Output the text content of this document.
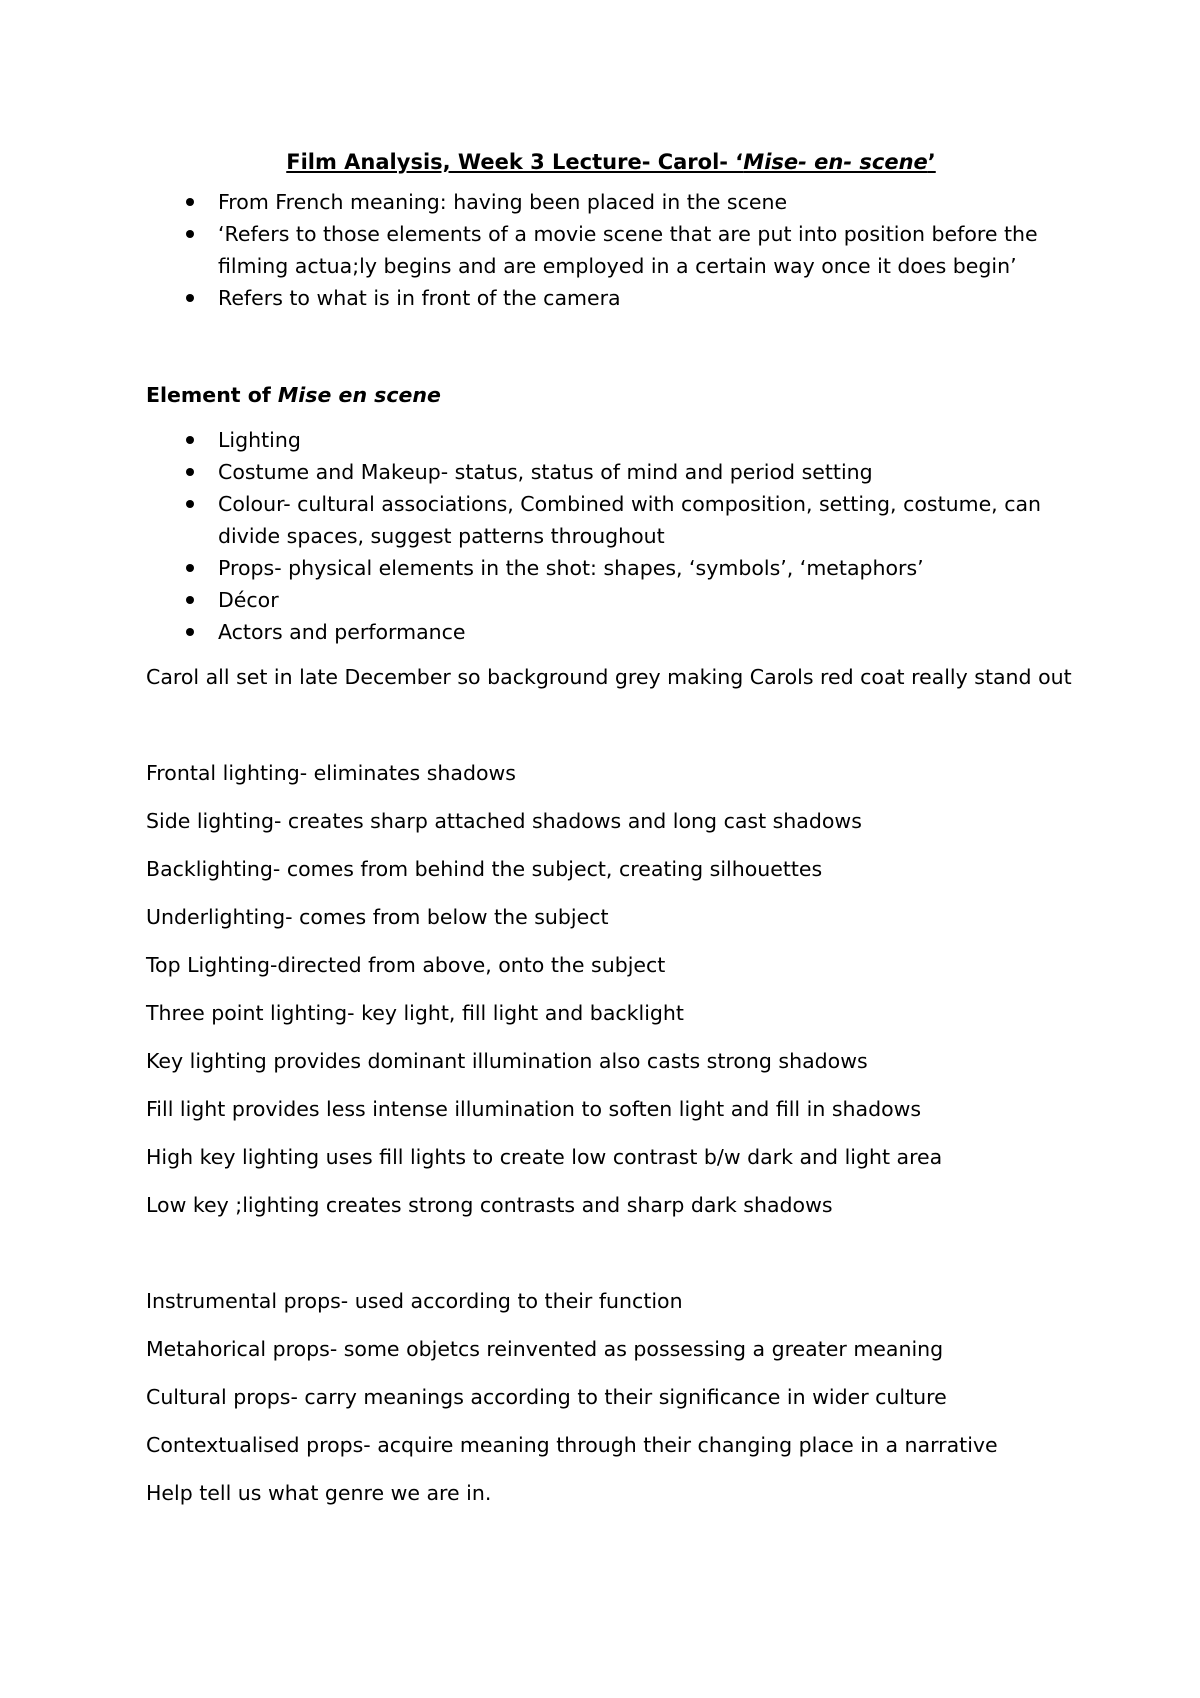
Film Analysis, Week 3 Lecture- Carol- ‘Mise- en- scene’
From French meaning: having been placed in the scene
‘Refers to those elements of a movie scene that are put into position before the filming actua;ly begins and are employed in a certain way once it does begin’
Refers to what is in front of the camera
Element of Mise en scene
Lighting
Costume and Makeup- status, status of mind and period setting
Colour- cultural associations, Combined with composition, setting, costume, can divide spaces, suggest patterns throughout
Props- physical elements in the shot: shapes, ‘symbols’, ‘metaphors’
Décor
Actors and performance

Carol all set in late December so background grey making Carols red coat really stand out

Frontal lighting- eliminates shadows

Side lighting- creates sharp attached shadows and long cast shadows

Backlighting- comes from behind the subject, creating silhouettes

Underlighting- comes from below the subject

Top Lighting-directed from above, onto the subject

Three point lighting- key light, fill light and backlight

Key lighting provides dominant illumination also casts strong shadows

Fill light provides less intense illumination to soften light and fill in shadows

High key lighting uses fill lights to create low contrast b/w dark and light area

Low key ;lighting creates strong contrasts and sharp dark shadows

Instrumental props- used according to their function

Metahorical props- some objetcs reinvented as possessing a greater meaning

Cultural props- carry meanings according to their significance in wider culture

Contextualised props- acquire meaning through their changing place in a narrative

Help tell us what genre we are in.
